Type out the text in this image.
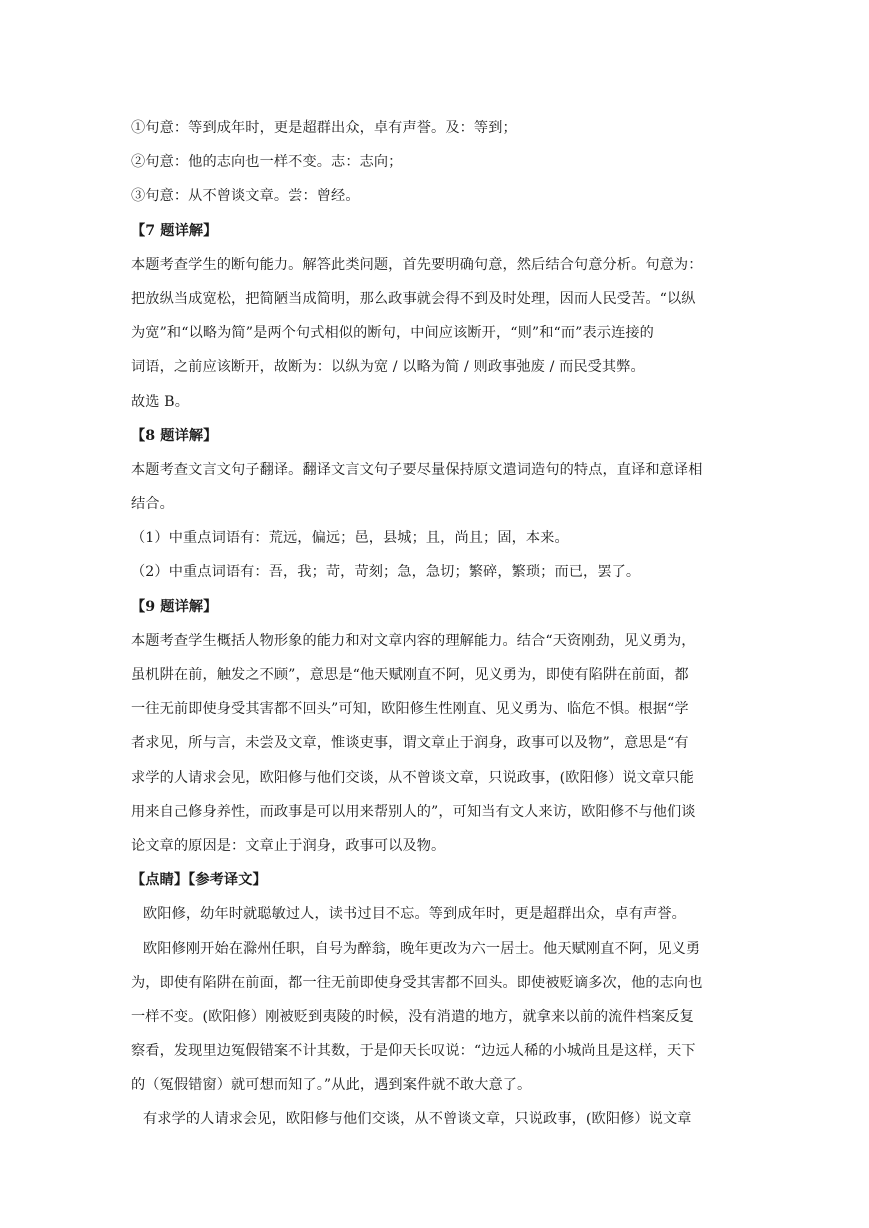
①句意：等到成年时，更是超群出众，卓有声誉。及：等到；
②句意：他的志向也一样不变。志：志向；
③句意：从不曾谈文章。尝：曾经。
【7 题详解】
本题考查学生的断句能力。解答此类问题，首先要明确句意，然后结合句意分析。句意为：
把放纵当成宽松，把简陋当成简明，那么政事就会得不到及时处理，因而人民受苦。“以纵
为宽”和“以略为简”是两个句式相似的断句，中间应该断开，“则”和“而”表示连接的
词语，之前应该断开，故断为：以纵为宽 / 以略为简 / 则政事弛废 / 而民受其弊。
故选 B。
【8 题详解】
本题考查文言文句子翻译。翻译文言文句子要尽量保持原文遣词造句的特点，直译和意译相
结合。
（1）中重点词语有：荒远，偏远；邑，县城；且，尚且；固，本来。
（2）中重点词语有：吾，我；苛，苛刻；急，急切；繁碎，繁琐；而已，罢了。
【9 题详解】
本题考查学生概括人物形象的能力和对文章内容的理解能力。结合“天资刚劲，见义勇为，
虽机阱在前，触发之不顾”，意思是“他天赋刚直不阿，见义勇为，即使有陷阱在前面，都
一往无前即使身受其害都不回头”可知，欧阳修生性刚直、见义勇为、临危不惧。根据“学
者求见，所与言，未尝及文章，惟谈吏事，谓文章止于润身，政事可以及物”，意思是“有
求学的人请求会见，欧阳修与他们交谈，从不曾谈文章，只说政事，(欧阳修）说文章只能
用来自己修身养性，而政事是可以用来帮别人的”，可知当有文人来访，欧阳修不与他们谈
论文章的原因是：文章止于润身，政事可以及物。
【点睛】【参考译文】
欧阳修，幼年时就聪敏过人，读书过目不忘。等到成年时，更是超群出众，卓有声誉。
欧阳修刚开始在滁州任职，自号为醉翁，晚年更改为六一居士。他天赋刚直不阿，见义勇
为，即使有陷阱在前面，都一往无前即使身受其害都不回头。即使被贬谪多次，他的志向也
一样不变。(欧阳修）刚被贬到夷陵的时候，没有消遣的地方，就拿来以前的流件档案反复
察看，发现里边冤假错案不计其数，于是仰天长叹说：“边远人稀的小城尚且是这样，天下
的（冤假错窗）就可想而知了。”从此，遇到案件就不敢大意了。
有求学的人请求会见，欧阳修与他们交谈，从不曾谈文章，只说政事，(欧阳修）说文章
